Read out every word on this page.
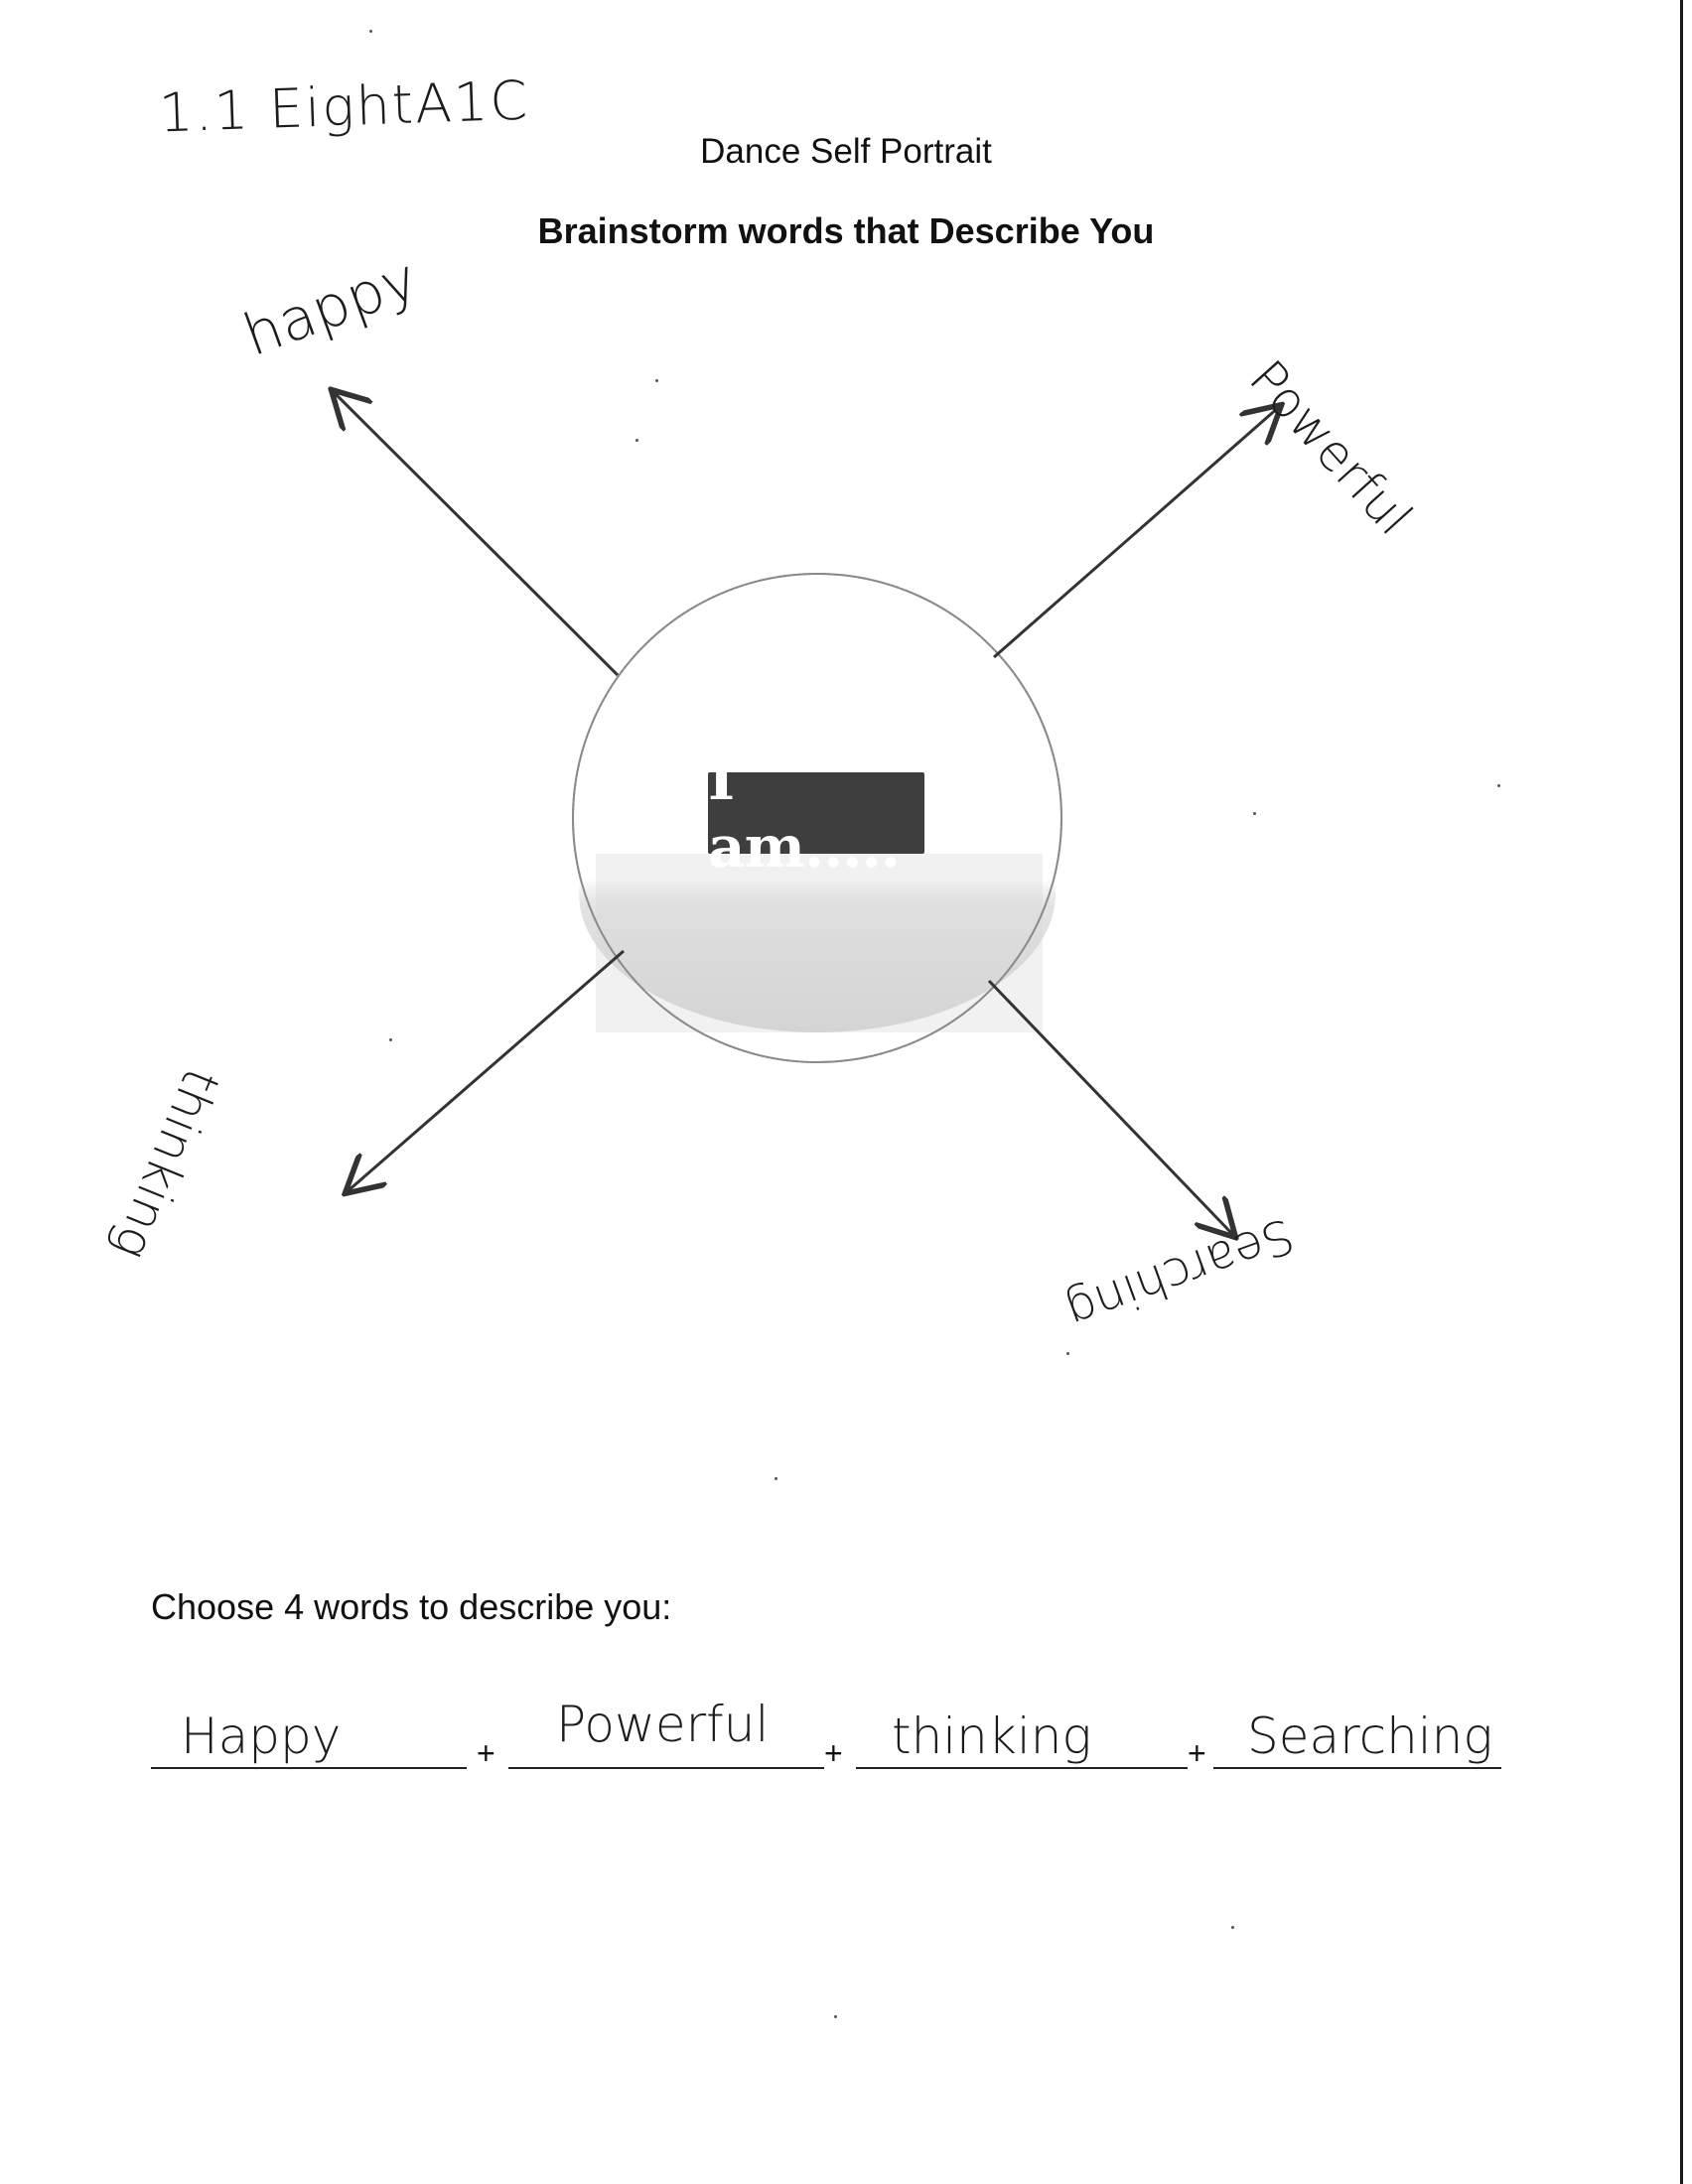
1.1 EightA1C
Dance Self Portrait
Brainstorm words that Describe You
I am.....
happy
Powerful
thinking
Searching
Choose 4 words to describe you:
Happy	+ Powerful + thinking	+ Searching
